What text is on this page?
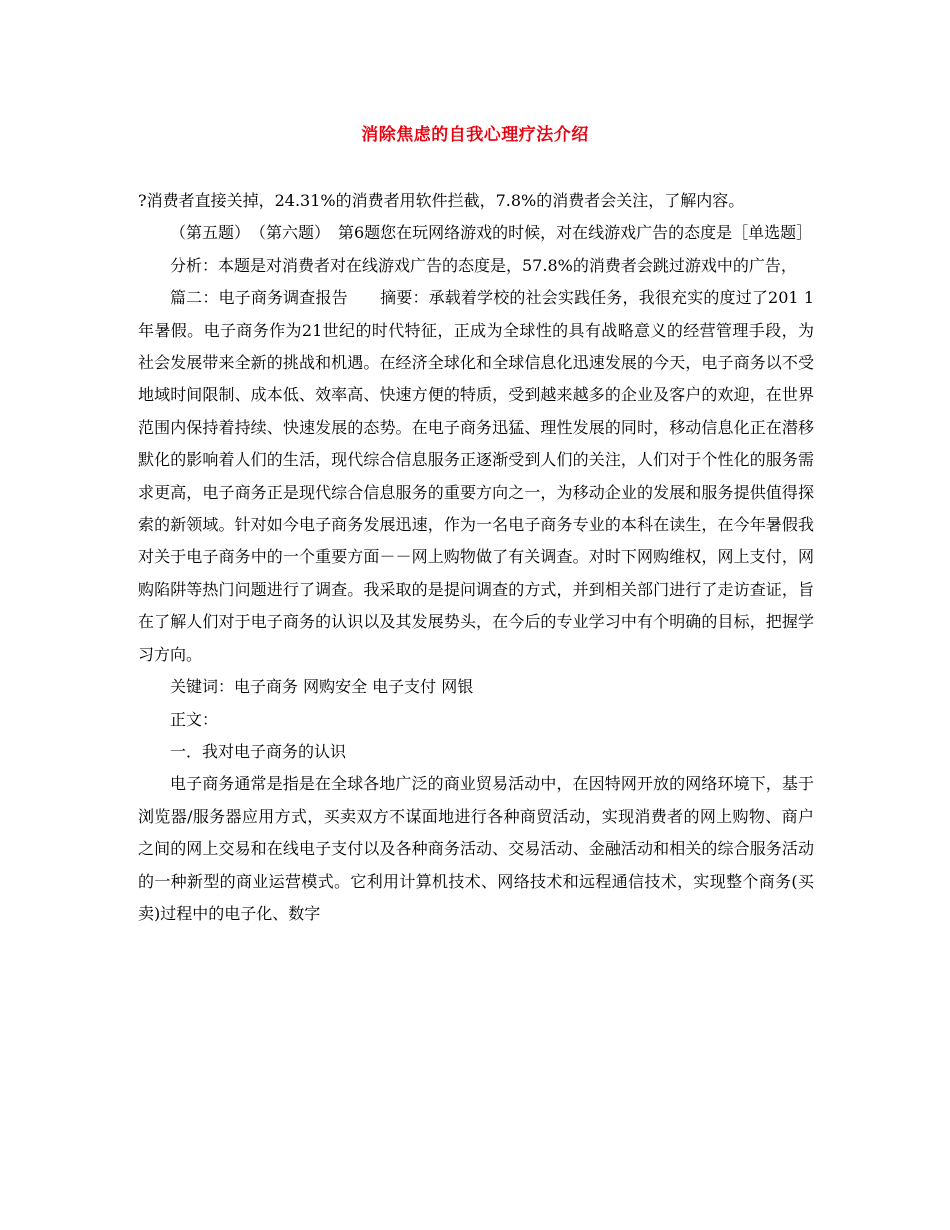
消除焦虑的自我心理疗法介绍

?消费者直接关掉，24.31%的消费者用软件拦截，7.8%的消费者会关注，了解内容。

（第五题）　（第六题）　第6题您在玩网络游戏的时候，对在线游戏广告的态度是［单选题］

分析：本题是对消费者对在线游戏广告的态度是，57.8%的消费者会跳过游戏中的广告，

篇二：电子商务调查报告　　摘要：承载着学校的社会实践任务，我很充实的度过了201 1年暑假。电子商务作为21世纪的时代特征，正成为全球性的具有战略意义的经营管理手段，为社会发展带来全新的挑战和机遇。在经济全球化和全球信息化迅速发展的今天，电子商务以不受地域时间限制、成本低、效率高、快速方便的特质，受到越来越多的企业及客户的欢迎，在世界范围内保持着持续、快速发展的态势。在电子商务迅猛、理性发展的同时，移动信息化正在潜移默化的影响着人们的生活，现代综合信息服务正逐渐受到人们的关注，人们对于个性化的服务需求更高，电子商务正是现代综合信息服务的重要方向之一，为移动企业的发展和服务提供值得探索的新领域。针对如今电子商务发展迅速，作为一名电子商务专业的本科在读生，在今年暑假我对关于电子商务中的一个重要方面－－网上购物做了有关调查。对时下网购维权，网上支付，网购陷阱等热门问题进行了调查。我采取的是提问调查的方式，并到相关部门进行了走访查证，旨在了解人们对于电子商务的认识以及其发展势头，在今后的专业学习中有个明确的目标，把握学习方向。

关键词：电子商务 网购安全 电子支付 网银

正文：

一．我对电子商务的认识

电子商务通常是指是在全球各地广泛的商业贸易活动中，在因特网开放的网络环境下，基于浏览器/服务器应用方式，买卖双方不谋面地进行各种商贸活动，实现消费者的网上购物、商户之间的网上交易和在线电子支付以及各种商务活动、交易活动、金融活动和相关的综合服务活动的一种新型的商业运营模式。它利用计算机技术、网络技术和远程通信技术，实现整个商务(买卖)过程中的电子化、数字
